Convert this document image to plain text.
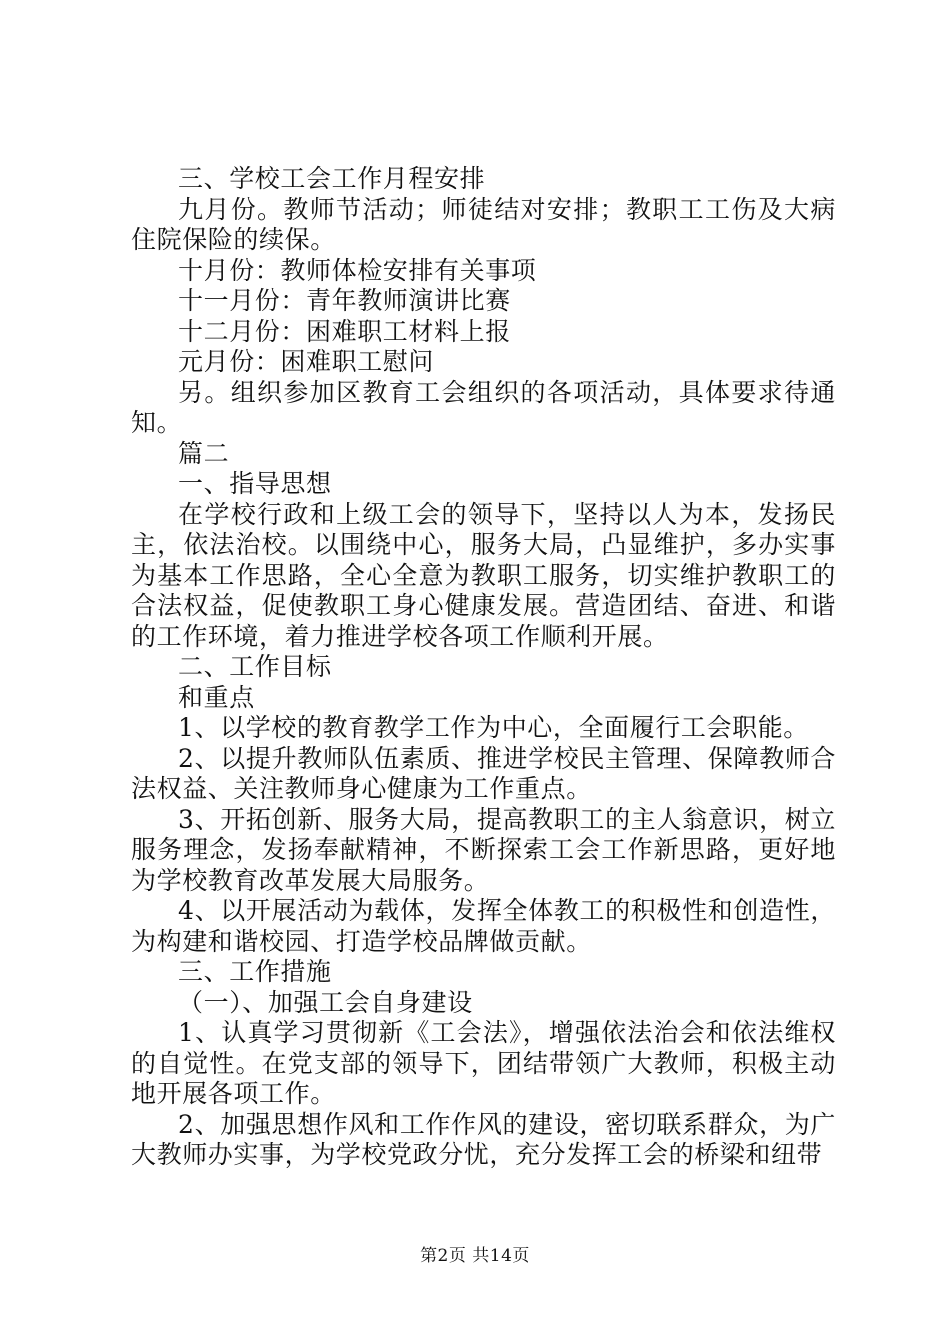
三、学校工会工作月程安排

九月份。教师节活动；师徒结对安排；教职工工伤及大病住院保险的续保。

十月份：教师体检安排有关事项

十一月份：青年教师演讲比赛

十二月份：困难职工材料上报

元月份：困难职工慰问

另。组织参加区教育工会组织的各项活动，具体要求待通知。

篇二

一、指导思想

在学校行政和上级工会的领导下，坚持以人为本，发扬民主，依法治校。以围绕中心，服务大局，凸显维护，多办实事为基本工作思路，全心全意为教职工服务，切实维护教职工的合法权益，促使教职工身心健康发展。营造团结、奋进、和谐的工作环境，着力推进学校各项工作顺利开展。

二、工作目标

和重点

1、以学校的教育教学工作为中心，全面履行工会职能。

2、以提升教师队伍素质、推进学校民主管理、保障教师合法权益、关注教师身心健康为工作重点。

3、开拓创新、服务大局，提高教职工的主人翁意识，树立服务理念，发扬奉献精神，不断探索工会工作新思路，更好地为学校教育改革发展大局服务。

4、以开展活动为载体，发挥全体教工的积极性和创造性，为构建和谐校园、打造学校品牌做贡献。

三、工作措施

（一）、加强工会自身建设

1、认真学习贯彻新《工会法》，增强依法治会和依法维权的自觉性。在党支部的领导下，团结带领广大教师，积极主动地开展各项工作。

2、加强思想作风和工作作风的建设，密切联系群众，为广大教师办实事，为学校党政分忧，充分发挥工会的桥梁和纽带

第2页 共14页
